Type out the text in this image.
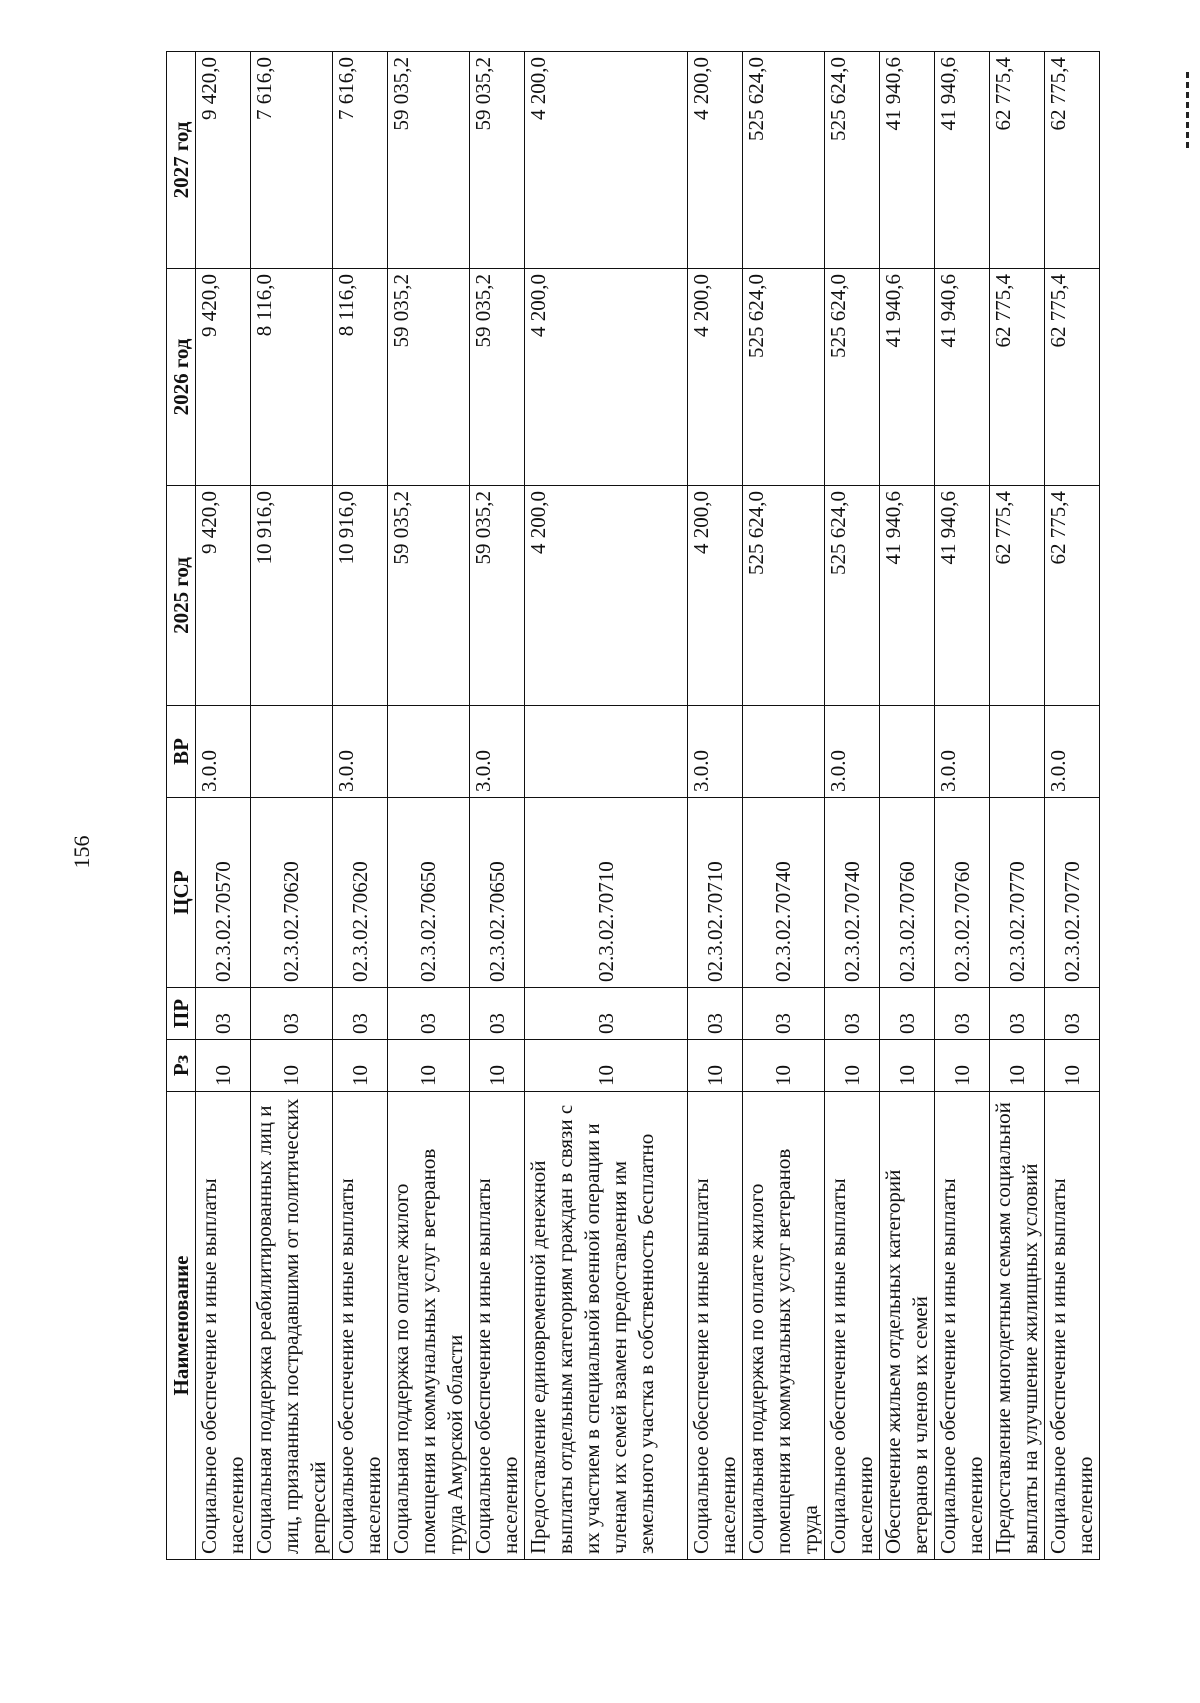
156
Наименование	Рз	ПР	ЦСР	ВР	2025 год	2026 год	2027 год
Социальное обеспечение и иные выплаты населению	10	03	02.3.02.70570	3.0.0	9 420,0	9 420,0	9 420,0
Социальная поддержка реабилитированных лиц и лиц, признанных пострадавшими от политических репрессий	10	03	02.3.02.70620		10 916,0	8 116,0	7 616,0
Социальное обеспечение и иные выплаты населению	10	03	02.3.02.70620	3.0.0	10 916,0	8 116,0	7 616,0
Социальная поддержка по оплате жилого помещения и коммунальных услуг ветеранов труда Амурской области	10	03	02.3.02.70650		59 035,2	59 035,2	59 035,2
Социальное обеспечение и иные выплаты населению	10	03	02.3.02.70650	3.0.0	59 035,2	59 035,2	59 035,2
Предоставление единовременной денежной выплаты отдельным категориям граждан в связи с их участием в специальной военной операции и членам их семей взамен предоставления им земельного участка в собственность бесплатно	10	03	02.3.02.70710		4 200,0	4 200,0	4 200,0
Социальное обеспечение и иные выплаты населению	10	03	02.3.02.70710	3.0.0	4 200,0	4 200,0	4 200,0
Социальная поддержка по оплате жилого помещения и коммунальных услуг ветеранов труда	10	03	02.3.02.70740		525 624,0	525 624,0	525 624,0
Социальное обеспечение и иные выплаты населению	10	03	02.3.02.70740	3.0.0	525 624,0	525 624,0	525 624,0
Обеспечение жильем отдельных категорий ветеранов и членов их семей	10	03	02.3.02.70760		41 940,6	41 940,6	41 940,6
Социальное обеспечение и иные выплаты населению	10	03	02.3.02.70760	3.0.0	41 940,6	41 940,6	41 940,6
Предоставление многодетным семьям социальной выплаты на улучшение жилищных условий	10	03	02.3.02.70770		62 775,4	62 775,4	62 775,4
Социальное обеспечение и иные выплаты населению	10	03	02.3.02.70770	3.0.0	62 775,4	62 775,4	62 775,4
